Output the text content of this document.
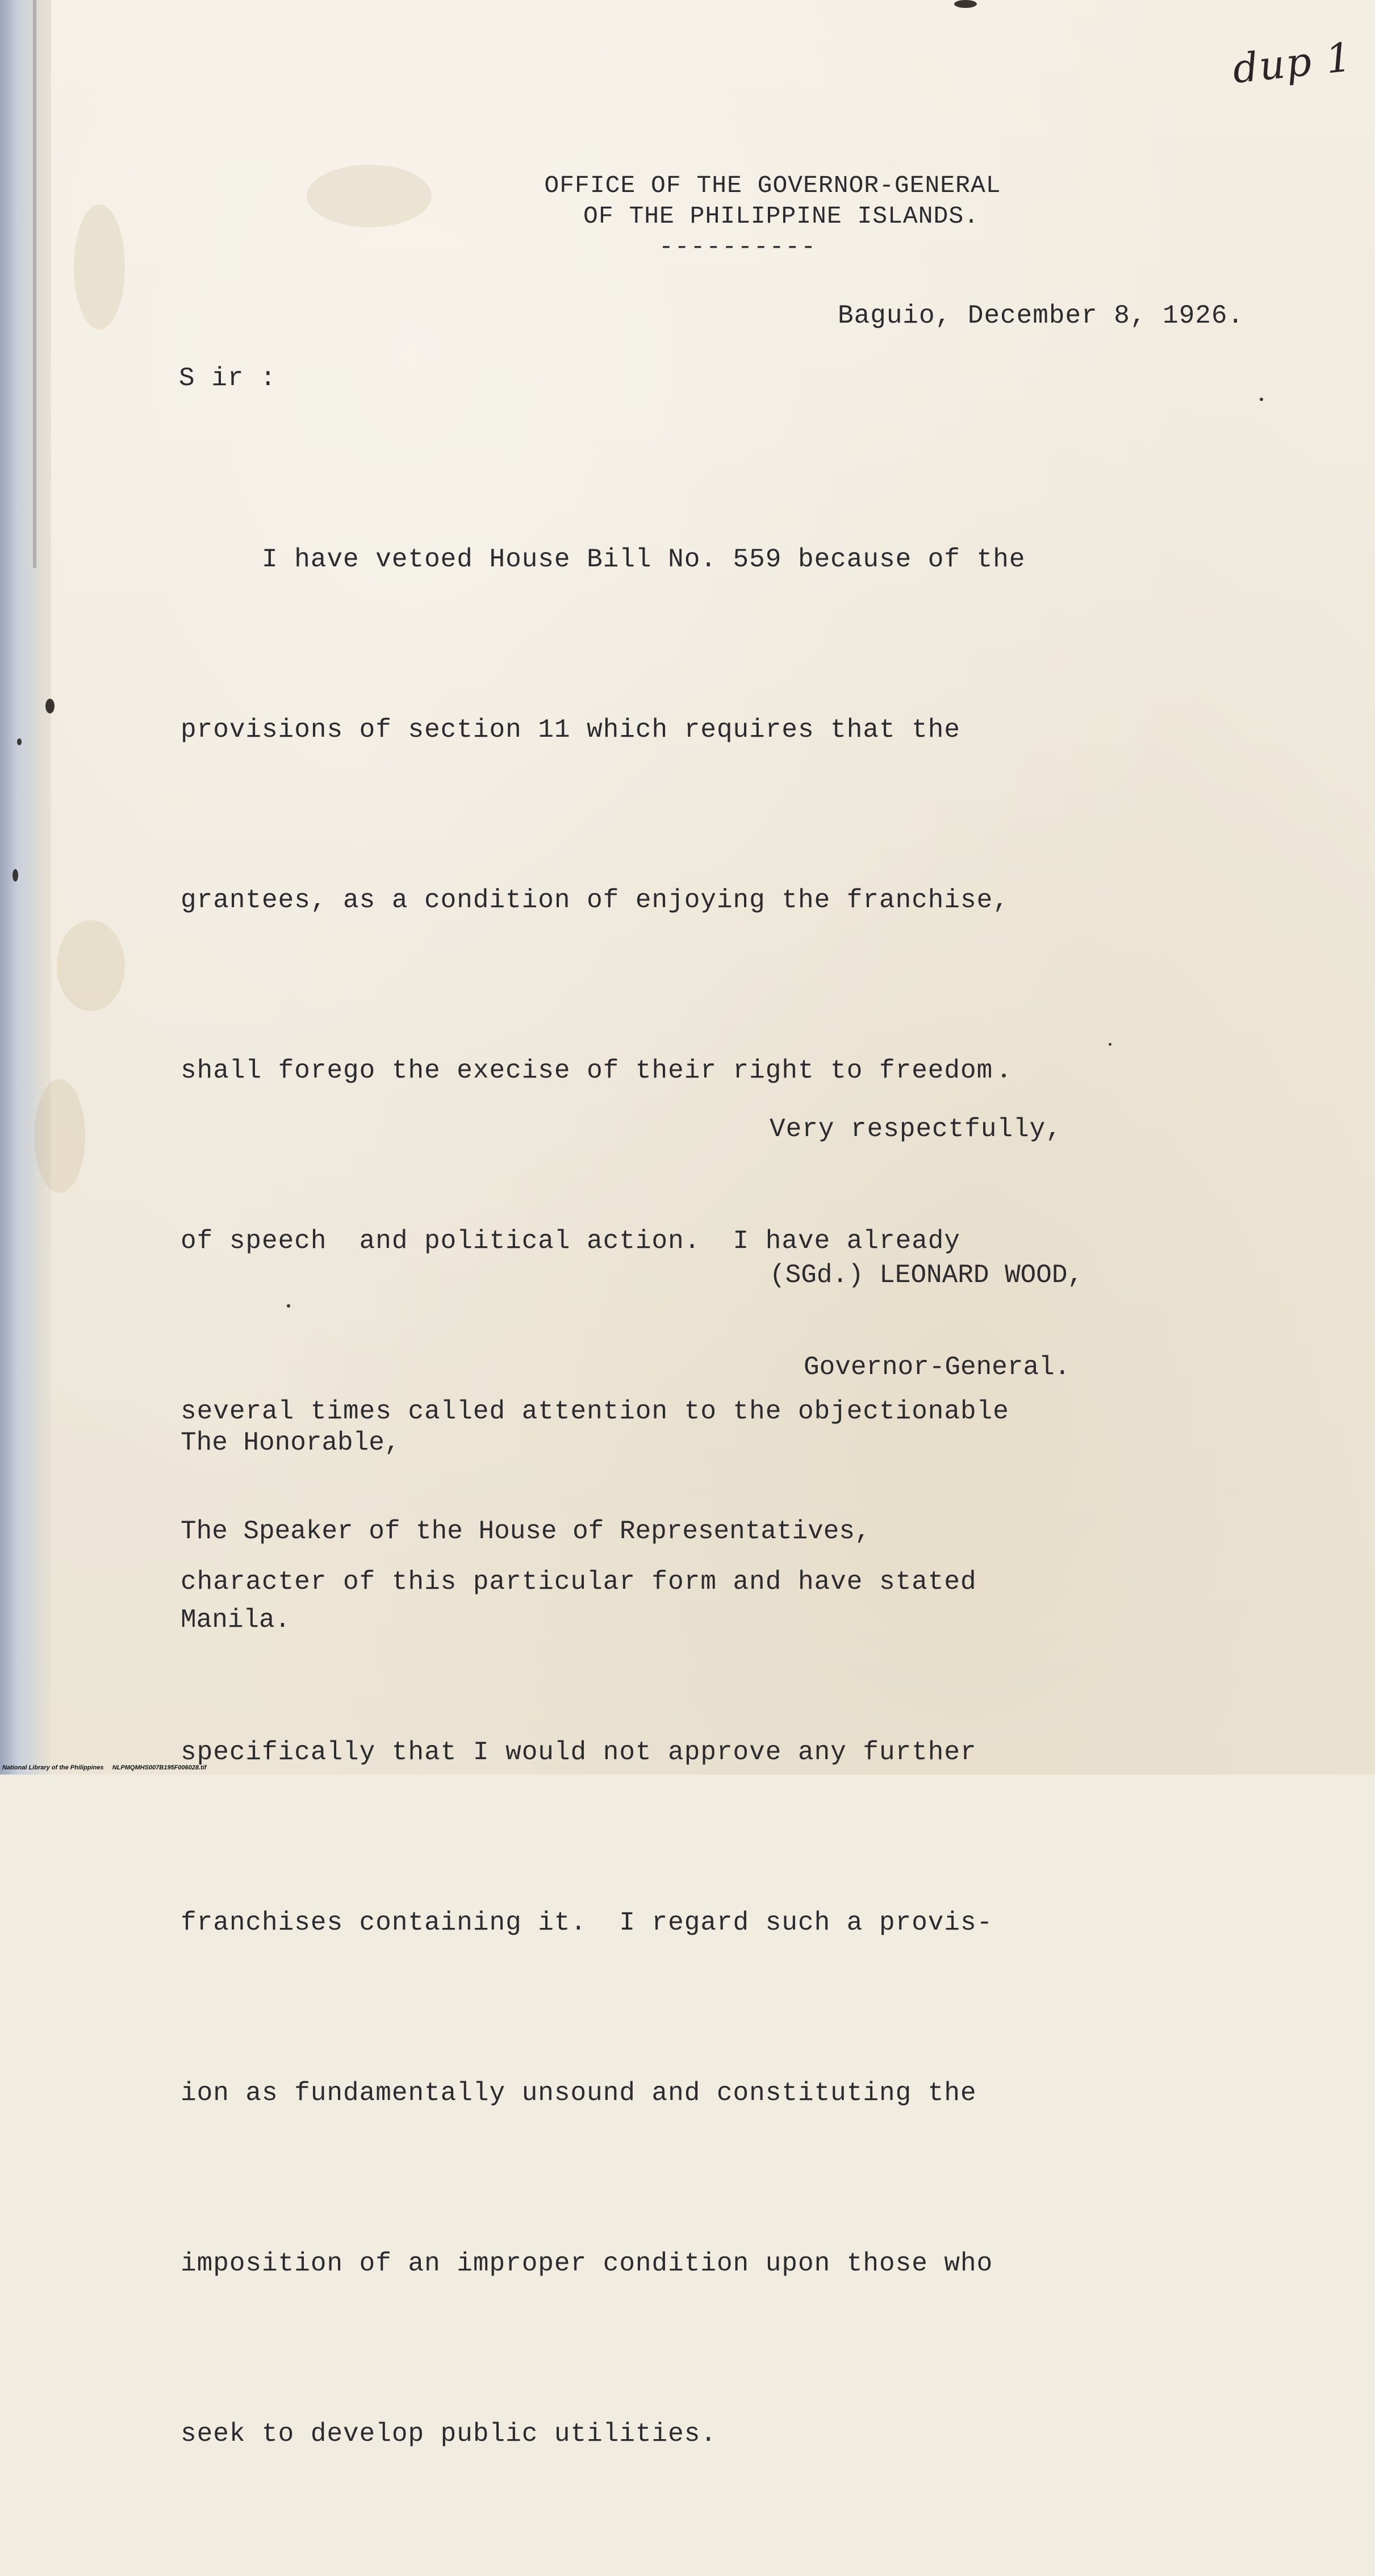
dup 1
OFFICE OF THE GOVERNOR-GENERAL
OF THE PHILIPPINE ISLANDS.
----------
Baguio, December 8, 1926.
S ir :

I have vetoed House Bill No. 559 because of the

provisions of section 11 which requires that the

grantees, as a condition of enjoying the franchise,

shall forego the execise of their right to freedom

of speech  and political action.  I have already

several times called attention to the objectionable

character of this particular form and have stated

specifically that I would not approve any further

franchises containing it.  I regard such a provis-

ion as fundamentally unsound and constituting the

imposition of an improper condition upon those who

seek to develop public utilities.

Very respectfully,

(SGd.) LEONARD WOOD,

Governor-General.

The Honorable,

The Speaker of the House of Representatives,

Manila.

National Library of the Philippines NLPMQMHS007B195F006028.tif
